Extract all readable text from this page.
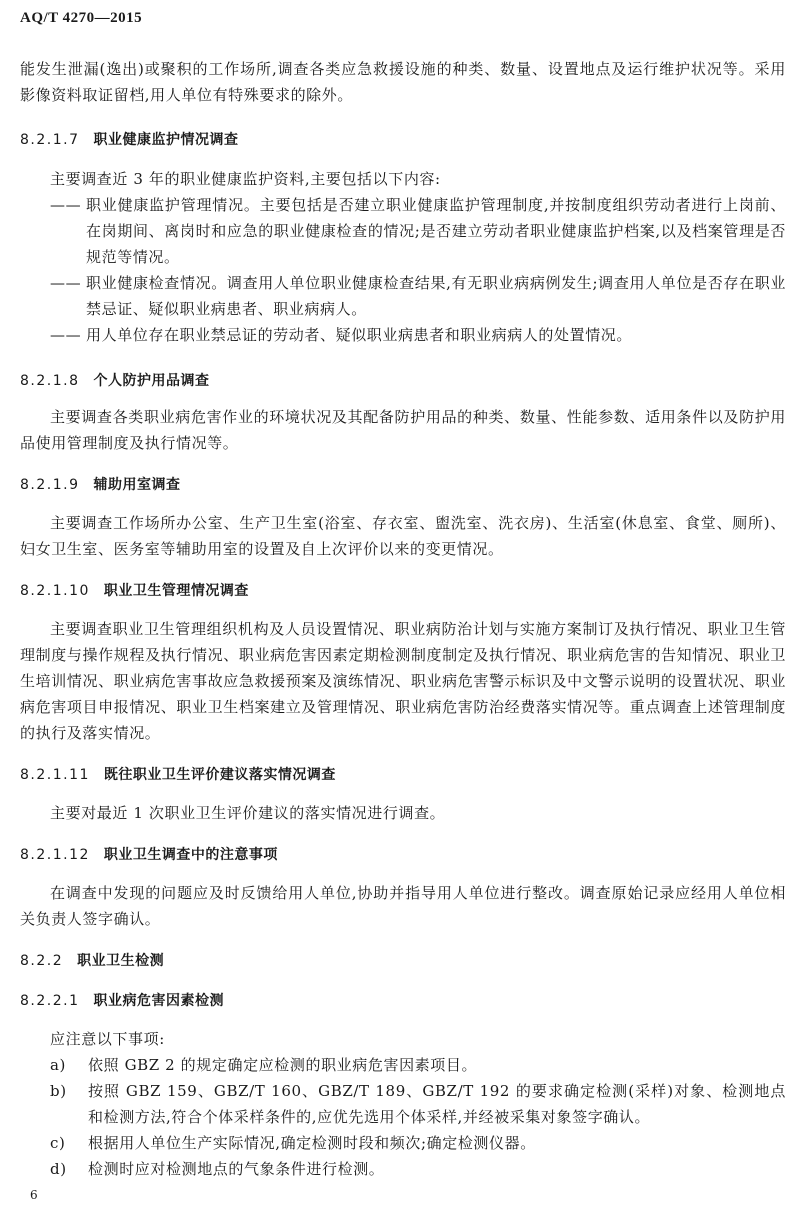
AQ/T 4270—2015

能发生泄漏(逸出)或聚积的工作场所,调查各类应急救援设施的种类、数量、设置地点及运行维护状况等。采用影像资料取证留档,用人单位有特殊要求的除外。

8.2.1.7 职业健康监护情况调查

主要调查近 3 年的职业健康监护资料,主要包括以下内容:

—— 职业健康监护管理情况。主要包括是否建立职业健康监护管理制度,并按制度组织劳动者进行上岗前、在岗期间、离岗时和应急的职业健康检查的情况;是否建立劳动者职业健康监护档案,以及档案管理是否规范等情况。
—— 职业健康检查情况。调查用人单位职业健康检查结果,有无职业病病例发生;调查用人单位是否存在职业禁忌证、疑似职业病患者、职业病病人。
—— 用人单位存在职业禁忌证的劳动者、疑似职业病患者和职业病病人的处置情况。
8.2.1.8 个人防护用品调查

主要调查各类职业病危害作业的环境状况及其配备防护用品的种类、数量、性能参数、适用条件以及防护用品使用管理制度及执行情况等。

8.2.1.9 辅助用室调查

主要调查工作场所办公室、生产卫生室(浴室、存衣室、盥洗室、洗衣房)、生活室(休息室、食堂、厕所)、妇女卫生室、医务室等辅助用室的设置及自上次评价以来的变更情况。

8.2.1.10 职业卫生管理情况调查

主要调查职业卫生管理组织机构及人员设置情况、职业病防治计划与实施方案制订及执行情况、职业卫生管理制度与操作规程及执行情况、职业病危害因素定期检测制度制定及执行情况、职业病危害的告知情况、职业卫生培训情况、职业病危害事故应急救援预案及演练情况、职业病危害警示标识及中文警示说明的设置状况、职业病危害项目申报情况、职业卫生档案建立及管理情况、职业病危害防治经费落实情况等。重点调查上述管理制度的执行及落实情况。

8.2.1.11 既往职业卫生评价建议落实情况调查

主要对最近 1 次职业卫生评价建议的落实情况进行调查。

8.2.1.12 职业卫生调查中的注意事项

在调查中发现的问题应及时反馈给用人单位,协助并指导用人单位进行整改。调查原始记录应经用人单位相关负责人签字确认。

8.2.2 职业卫生检测
8.2.2.1 职业病危害因素检测

应注意以下事项:

a)	依照 GBZ 2 的规定确定应检测的职业病危害因素项目。
b)	按照 GBZ 159、GBZ/T 160、GBZ/T 189、GBZ/T 192 的要求确定检测(采样)对象、检测地点和检测方法,符合个体采样条件的,应优先选用个体采样,并经被采集对象签字确认。
c)	根据用人单位生产实际情况,确定检测时段和频次;确定检测仪器。
d)	检测时应对检测地点的气象条件进行检测。
6
